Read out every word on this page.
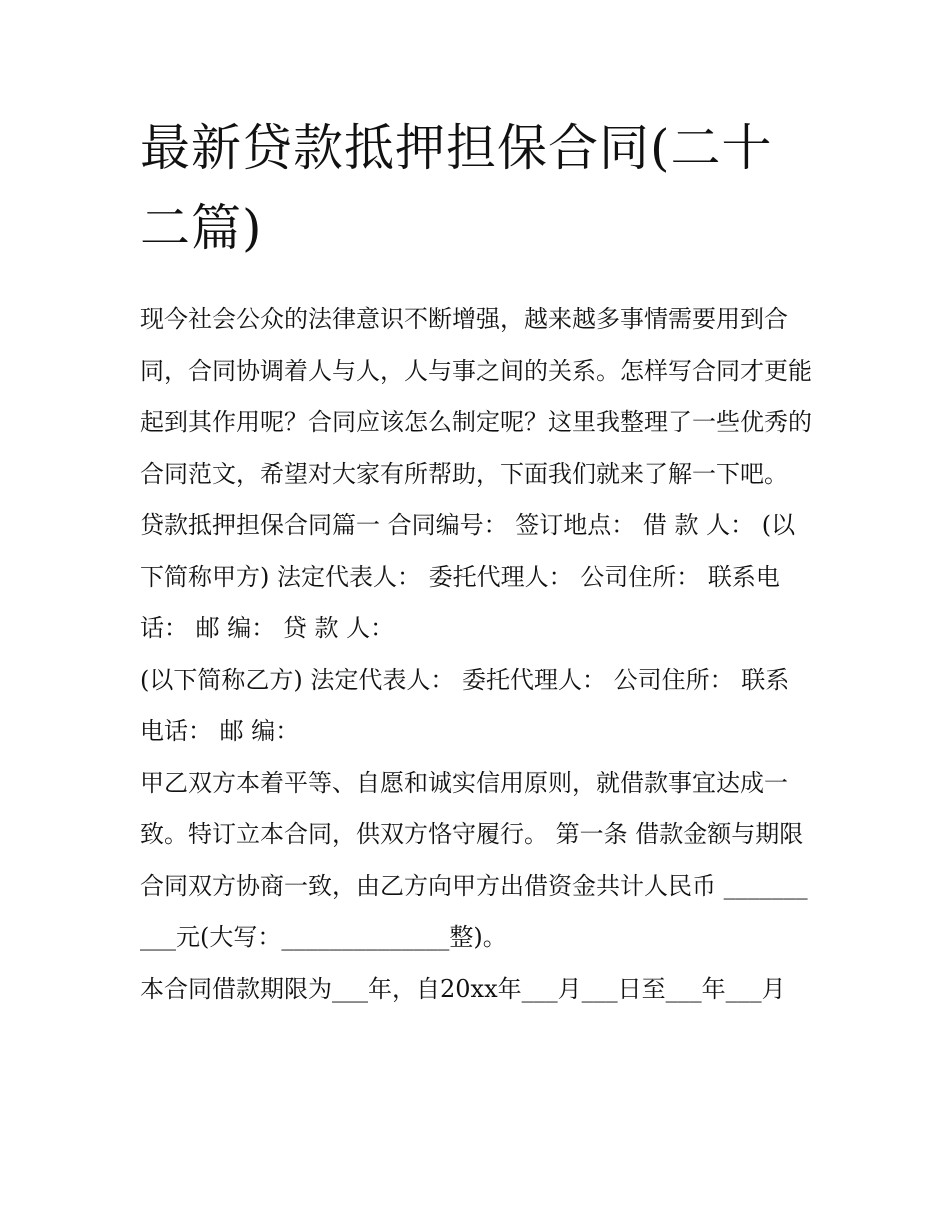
最新贷款抵押担保合同(二十二篇)

现今社会公众的法律意识不断增强，越来越多事情需要用到合同，合同协调着人与人，人与事之间的关系。怎样写合同才更能起到其作用呢？合同应该怎么制定呢？这里我整理了一些优秀的合同范文，希望对大家有所帮助，下面我们就来了解一下吧。

贷款抵押担保合同篇一 合同编号： 签订地点： 借 款 人： (以下简称甲方) 法定代表人： 委托代理人： 公司住所： 联系电话： 邮 编： 贷 款 人：

(以下简称乙方) 法定代表人： 委托代理人： 公司住所： 联系电话： 邮 编：

甲乙双方本着平等、自愿和诚实信用原则，就借款事宜达成一致。特订立本合同，供双方恪守履行。 第一条 借款金额与期限

合同双方协商一致，由乙方向甲方出借资金共计人民币 __________元(大写：______________整)。

本合同借款期限为___年，自20xx年___月___日至___年___月
